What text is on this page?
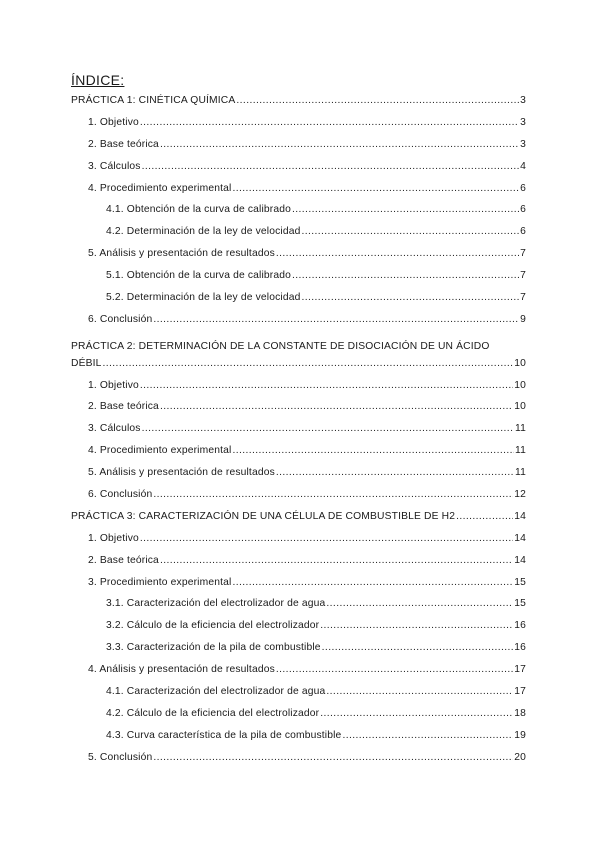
ÍNDICE:
PRÁCTICA 1: CINÉTICA QUÍMICA .....	3
1. Objetivo .....	3
2. Base teórica .....	3
3. Cálculos .....	4
4. Procedimiento experimental .....	6
4.1. Obtención de la curva de calibrado .....	6
4.2. Determinación de la ley de velocidad .....	6
5. Análisis y presentación de resultados .....	7
5.1. Obtención de la curva de calibrado .....	7
5.2. Determinación de la ley de velocidad .....	7
6. Conclusión .....	9
PRÁCTICA 2: DETERMINACIÓN DE LA CONSTANTE DE DISOCIACIÓN DE UN ÁCIDO
DÉBIL .....	10
1. Objetivo .....	10
2. Base teórica .....	10
3. Cálculos .....	11
4. Procedimiento experimental .....	11
5. Análisis y presentación de resultados .....	11
6. Conclusión .....	12
PRÁCTICA 3: CARACTERIZACIÓN DE UNA CÉLULA DE COMBUSTIBLE DE H2 .....	14
1. Objetivo .....	14
2. Base teórica .....	14
3. Procedimiento experimental .....	15
3.1. Caracterización del electrolizador de agua .....	15
3.2. Cálculo de la eficiencia del electrolizador .....	16
3.3. Caracterización de la pila de combustible .....	16
4. Análisis y presentación de resultados .....	17
4.1. Caracterización del electrolizador de agua .....	17
4.2. Cálculo de la eficiencia del electrolizador .....	18
4.3. Curva característica de la pila de combustible .....	19
5. Conclusión .....	20
